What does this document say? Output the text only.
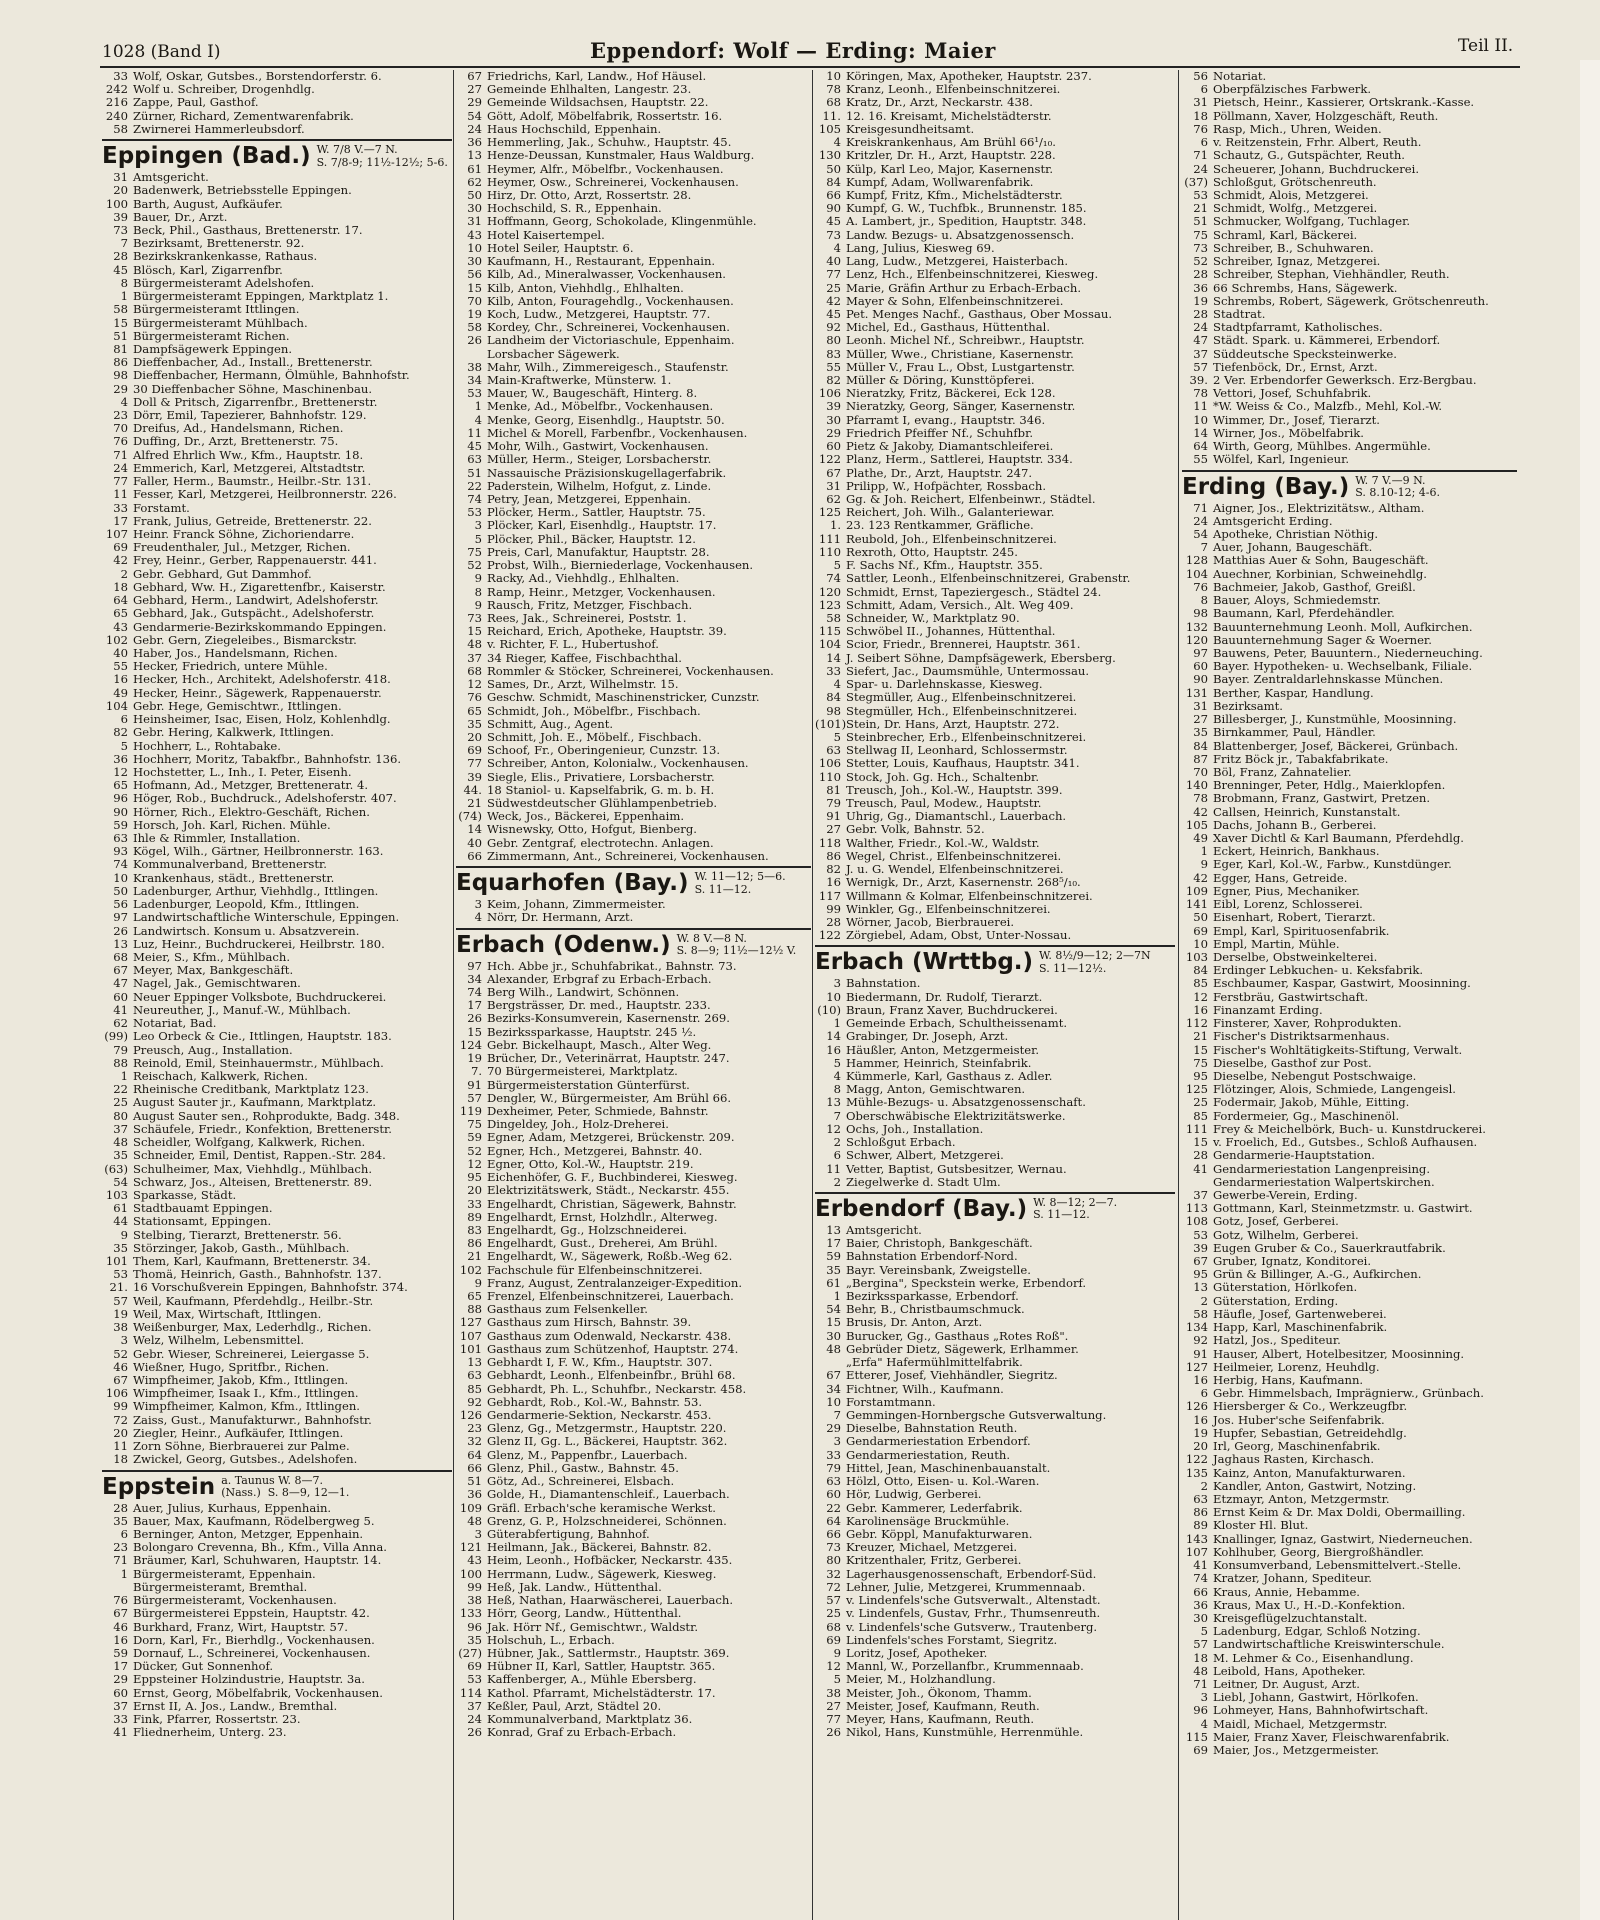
1028 (Band I)	Eppendorf: Wolf — Erding: Maier	Teil II.
33 Wolf, Oskar, Gutsbes., Borstendorferstr. 6.
242 Wolf u. Schreiber, Drogenhdlg.
216 Zappe, Paul, Gasthof.
240 Zürner, Richard, Zementwarenfabrik.
58 Zwirnerei Hammerleubsdorf.
Eppingen (Bad.) W. 7/8 V.—7 N.
S. 7/8-9; 11½-12½; 5-6.
31 Amtsgericht.
20 Badenwerk, Betriebsstelle Eppingen.
100 Barth, August, Aufkäufer.
39 Bauer, Dr., Arzt.
73 Beck, Phil., Gasthaus, Brettenerstr. 17.
7 Bezirksamt, Brettenerstr. 92.
28 Bezirkskrankenkasse, Rathaus.
45 Blösch, Karl, Zigarrenfbr.
8 Bürgermeisteramt Adelshofen.
1 Bürgermeisteramt Eppingen, Marktplatz 1.
58 Bürgermeisteramt Ittlingen.
15 Bürgermeisteramt Mühlbach.
51 Bürgermeisteramt Richen.
81 Dampfsägewerk Eppingen.
86 Dieffenbacher, Ad., Install., Brettenerstr.
98 Dieffenbacher, Hermann, Ölmühle, Bahnhofstr.
29 30 Dieffenbacher Söhne, Maschinenbau.
4 Doll & Pritsch, Zigarrenfbr., Brettenerstr.
23 Dörr, Emil, Tapezierer, Bahnhofstr. 129.
70 Dreifus, Ad., Handelsmann, Richen.
76 Duffing, Dr., Arzt, Brettenerstr. 75.
71 Alfred Ehrlich Ww., Kfm., Hauptstr. 18.
24 Emmerich, Karl, Metzgerei, Altstadtstr.
77 Faller, Herm., Baumstr., Heilbr.-Str. 131.
11 Fesser, Karl, Metzgerei, Heilbronnerstr. 226.
33 Forstamt.
17 Frank, Julius, Getreide, Brettenerstr. 22.
107 Heinr. Franck Söhne, Zichoriendarre.
69 Freudenthaler, Jul., Metzger, Richen.
42 Frey, Heinr., Gerber, Rappenauerstr. 441.
2 Gebr. Gebhard, Gut Dammhof.
18 Gebhard, Ww. H., Zigarettenfbr., Kaiserstr.
64 Gebhard, Herm., Landwirt, Adelshoferstr.
65 Gebhard, Jak., Gutspächt., Adelshoferstr.
43 Gendarmerie-Bezirkskommando Eppingen.
102 Gebr. Gern, Ziegeleibes., Bismarckstr.
40 Haber, Jos., Handelsmann, Richen.
55 Hecker, Friedrich, untere Mühle.
16 Hecker, Hch., Architekt, Adelshoferstr. 418.
49 Hecker, Heinr., Sägewerk, Rappenauerstr.
104 Gebr. Hege, Gemischtwr., Ittlingen.
6 Heinsheimer, Isac, Eisen, Holz, Kohlenhdlg.
82 Gebr. Hering, Kalkwerk, Ittlingen.
5 Hochherr, L., Rohtabake.
36 Hochherr, Moritz, Tabakfbr., Bahnhofstr. 136.
12 Hochstetter, L., Inh., I. Peter, Eisenh.
65 Hofmann, Ad., Metzger, Bretteneratr. 4.
96 Höger, Rob., Buchdruck., Adelshoferstr. 407.
90 Hörner, Rich., Elektro-Geschäft, Richen.
59 Horsch, Joh. Karl, Richen. Mühle.
63 Ihle & Rimmler, Installation.
93 Kögel, Wilh., Gärtner, Heilbronnerstr. 163.
74 Kommunalverband, Brettenerstr.
10 Krankenhaus, städt., Brettenerstr.
50 Ladenburger, Arthur, Viehhdlg., Ittlingen.
56 Ladenburger, Leopold, Kfm., Ittlingen.
97 Landwirtschaftliche Winterschule, Eppingen.
26 Landwirtsch. Konsum u. Absatzverein.
13 Luz, Heinr., Buchdruckerei, Heilbrstr. 180.
68 Meier, S., Kfm., Mühlbach.
67 Meyer, Max, Bankgeschäft.
47 Nagel, Jak., Gemischtwaren.
60 Neuer Eppinger Volksbote, Buchdruckerei.
41 Neureuther, J., Manuf.-W., Mühlbach.
62 Notariat, Bad.
(99) Leo Orbeck & Cie., Ittlingen, Hauptstr. 183.
79 Preusch, Aug., Installation.
88 Reinold, Emil, Steinhauermstr., Mühlbach.
1 Reischach, Kalkwerk, Richen.
22 Rheinische Creditbank, Marktplatz 123.
25 August Sauter jr., Kaufmann, Marktplatz.
80 August Sauter sen., Rohprodukte, Badg. 348.
37 Schäufele, Friedr., Konfektion, Brettenerstr.
48 Scheidler, Wolfgang, Kalkwerk, Richen.
35 Schneider, Emil, Dentist, Rappen.-Str. 284.
(63) Schulheimer, Max, Viehhdlg., Mühlbach.
54 Schwarz, Jos., Alteisen, Brettenerstr. 89.
103 Sparkasse, Städt.
61 Stadtbauamt Eppingen.
44 Stationsamt, Eppingen.
9 Stelbing, Tierarzt, Brettenerstr. 56.
35 Störzinger, Jakob, Gasth., Mühlbach.
101 Them, Karl, Kaufmann, Brettenerstr. 34.
53 Thomä, Heinrich, Gasth., Bahnhofstr. 137.
21. 16 Vorschußverein Eppingen, Bahnhofstr. 374.
57 Weil, Kaufmann, Pferdehdlg., Heilbr.-Str.
19 Weil, Max, Wirtschaft, Ittlingen.
38 Weißenburger, Max, Lederhdlg., Richen.
3 Welz, Wilhelm, Lebensmittel.
52 Gebr. Wieser, Schreinerei, Leiergasse 5.
46 Wießner, Hugo, Spritfbr., Richen.
67 Wimpfheimer, Jakob, Kfm., Ittlingen.
106 Wimpfheimer, Isaak I., Kfm., Ittlingen.
99 Wimpfheimer, Kalmon, Kfm., Ittlingen.
72 Zaiss, Gust., Manufakturwr., Bahnhofstr.
20 Ziegler, Heinr., Aufkäufer, Ittlingen.
11 Zorn Söhne, Bierbrauerei zur Palme.
18 Zwickel, Georg, Gutsbes., Adelshofen.
Eppstein a. Taunus W. 8—7.
(Nass.)  S. 8—9, 12—1.
28 Auer, Julius, Kurhaus, Eppenhain.
35 Bauer, Max, Kaufmann, Rödelbergweg 5.
6 Berninger, Anton, Metzger, Eppenhain.
23 Bolongaro Crevenna, Bh., Kfm., Villa Anna.
71 Bräumer, Karl, Schuhwaren, Hauptstr. 14.
1 Bürgermeisteramt, Eppenhain.
Bürgermeisteramt, Bremthal.
76 Bürgermeisteramt, Vockenhausen.
67 Bürgermeisterei Eppstein, Hauptstr. 42.
46 Burkhard, Franz, Wirt, Hauptstr. 57.
16 Dorn, Karl, Fr., Bierhdlg., Vockenhausen.
59 Dornauf, L., Schreinerei, Vockenhausen.
17 Dücker, Gut Sonnenhof.
29 Eppsteiner Holzindustrie, Hauptstr. 3a.
60 Ernst, Georg, Möbelfabrik, Vockenhausen.
37 Ernst II, A. Jos., Landw., Bremthal.
33 Fink, Pfarrer, Rossertstr. 23.
41 Fliednerheim, Unterg. 23.
67 Friedrichs, Karl, Landw., Hof Häusel.
27 Gemeinde Ehlhalten, Langestr. 23.
29 Gemeinde Wildsachsen, Hauptstr. 22.
54 Gött, Adolf, Möbelfabrik, Rossertstr. 16.
24 Haus Hochschild, Eppenhain.
36 Hemmerling, Jak., Schuhw., Hauptstr. 45.
13 Henze-Deussan, Kunstmaler, Haus Waldburg.
61 Heymer, Alfr., Möbelfbr., Vockenhausen.
62 Heymer, Osw., Schreinerei, Vockenhausen.
50 Hirz, Dr. Otto, Arzt, Rossertstr. 28.
30 Hochschild, S. R., Eppenhain.
31 Hoffmann, Georg, Schokolade, Klingenmühle.
43 Hotel Kaisertempel.
10 Hotel Seiler, Hauptstr. 6.
30 Kaufmann, H., Restaurant, Eppenhain.
56 Kilb, Ad., Mineralwasser, Vockenhausen.
15 Kilb, Anton, Viehhdlg., Ehlhalten.
70 Kilb, Anton, Fouragehdlg., Vockenhausen.
19 Koch, Ludw., Metzgerei, Hauptstr. 77.
58 Kordey, Chr., Schreinerei, Vockenhausen.
26 Landheim der Victoriaschule, Eppenhaim.
Lorsbacher Sägewerk.
38 Mahr, Wilh., Zimmereigesch., Staufenstr.
34 Main-Kraftwerke, Münsterw. 1.
53 Mauer, W., Baugeschäft, Hinterg. 8.
1 Menke, Ad., Möbelfbr., Vockenhausen.
4 Menke, Georg, Eisenhdlg., Hauptstr. 50.
11 Michel & Morell, Farbenfbr., Vockenhausen.
45 Mohr, Wilh., Gastwirt, Vockenhausen.
63 Müller, Herm., Steiger, Lorsbacherstr.
51 Nassauische Präzisionskugellagerfabrik.
22 Paderstein, Wilhelm, Hofgut, z. Linde.
74 Petry, Jean, Metzgerei, Eppenhain.
53 Plöcker, Herm., Sattler, Hauptstr. 75.
3 Plöcker, Karl, Eisenhdlg., Hauptstr. 17.
5 Plöcker, Phil., Bäcker, Hauptstr. 12.
75 Preis, Carl, Manufaktur, Hauptstr. 28.
52 Probst, Wilh., Bierniederlage, Vockenhausen.
9 Racky, Ad., Viehhdlg., Ehlhalten.
8 Ramp, Heinr., Metzger, Vockenhausen.
9 Rausch, Fritz, Metzger, Fischbach.
73 Rees, Jak., Schreinerei, Poststr. 1.
15 Reichard, Erich, Apotheke, Hauptstr. 39.
48 v. Richter, F. L., Hubertushof.
37 34 Rieger, Kaffee, Fischbachthal.
68 Rommler & Stöcker, Schreinerei, Vockenhausen.
12 Sames, Dr., Arzt, Wilhelmstr. 15.
76 Geschw. Schmidt, Maschinenstricker, Cunzstr.
65 Schmidt, Joh., Möbelfbr., Fischbach.
35 Schmitt, Aug., Agent.
20 Schmitt, Joh. E., Möbelf., Fischbach.
69 Schoof, Fr., Oberingenieur, Cunzstr. 13.
77 Schreiber, Anton, Kolonialw., Vockenhausen.
39 Siegle, Elis., Privatiere, Lorsbacherstr.
44. 18 Staniol- u. Kapselfabrik, G. m. b. H.
21 Südwestdeutscher Glühlampenbetrieb.
(74) Weck, Jos., Bäckerei, Eppenhaim.
14 Wisnewsky, Otto, Hofgut, Bienberg.
40 Gebr. Zentgraf, electrotechn. Anlagen.
66 Zimmermann, Ant., Schreinerei, Vockenhausen.
Equarhofen (Bay.) W. 11—12; 5—6.
S. 11—12.
3 Keim, Johann, Zimmermeister.
4 Nörr, Dr. Hermann, Arzt.
Erbach (Odenw.) W. 8 V.—8 N.
S. 8—9; 11½—12½ V.
97 Hch. Abbe jr., Schuhfabrikat., Bahnstr. 73.
34 Alexander, Erbgraf zu Erbach-Erbach.
74 Berg Wilh., Landwirt, Schönnen.
17 Bergsträsser, Dr. med., Hauptstr. 233.
26 Bezirks-Konsumverein, Kasernenstr. 269.
15 Bezirkssparkasse, Hauptstr. 245 ½.
124 Gebr. Bickelhaupt, Masch., Alter Weg.
19 Brücher, Dr., Veterinärrat, Hauptstr. 247.
7. 70 Bürgermeisterei, Marktplatz.
91 Bürgermeisterstation Günterfürst.
57 Dengler, W., Bürgermeister, Am Brühl 66.
119 Dexheimer, Peter, Schmiede, Bahnstr.
75 Dingeldey, Joh., Holz-Dreherei.
59 Egner, Adam, Metzgerei, Brückenstr. 209.
52 Egner, Hch., Metzgerei, Bahnstr. 40.
12 Egner, Otto, Kol.-W., Hauptstr. 219.
95 Eichenhöfer, G. F., Buchbinderei, Kiesweg.
20 Elektrizitätswerk, Städt., Neckarstr. 455.
33 Engelhardt, Christian, Sägewerk, Bahnstr.
89 Engelhardt, Ernst, Holzhdlr., Alterweg.
83 Engelhardt, Gg., Holzschneiderei.
86 Engelhardt, Gust., Dreherei, Am Brühl.
21 Engelhardt, W., Sägewerk, Roßb.-Weg 62.
102 Fachschule für Elfenbeinschnitzerei.
9 Franz, August, Zentralanzeiger-Expedition.
65 Frenzel, Elfenbeinschnitzerei, Lauerbach.
88 Gasthaus zum Felsenkeller.
127 Gasthaus zum Hirsch, Bahnstr. 39.
107 Gasthaus zum Odenwald, Neckarstr. 438.
101 Gasthaus zum Schützenhof, Hauptstr. 274.
13 Gebhardt I, F. W., Kfm., Hauptstr. 307.
63 Gebhardt, Leonh., Elfenbeinfbr., Brühl 68.
85 Gebhardt, Ph. L., Schuhfbr., Neckarstr. 458.
92 Gebhardt, Rob., Kol.-W., Bahnstr. 53.
126 Gendarmerie-Sektion, Neckarstr. 453.
23 Glenz, Gg., Metzgermstr., Hauptstr. 220.
32 Glenz II, Gg. L., Bäckerei, Hauptstr. 362.
64 Glenz, M., Pappenfbr., Lauerbach.
66 Glenz, Phil., Gastw., Bahnstr. 45.
51 Götz, Ad., Schreinerei, Elsbach.
36 Golde, H., Diamantenschleif., Lauerbach.
109 Gräfl. Erbach'sche keramische Werkst.
48 Grenz, G. P., Holzschneiderei, Schönnen.
3 Güterabfertigung, Bahnhof.
121 Heilmann, Jak., Bäckerei, Bahnstr. 82.
43 Heim, Leonh., Hofbäcker, Neckarstr. 435.
100 Herrmann, Ludw., Sägewerk, Kiesweg.
99 Heß, Jak. Landw., Hüttenthal.
38 Heß, Nathan, Haarwäscherei, Lauerbach.
133 Hörr, Georg, Landw., Hüttenthal.
96 Jak. Hörr Nf., Gemischtwr., Waldstr.
35 Holschuh, L., Erbach.
(27) Hübner, Jak., Sattlermstr., Hauptstr. 369.
69 Hübner II, Karl, Sattler, Hauptstr. 365.
53 Kaffenberger, A., Mühle Ebersberg.
114 Kathol. Pfarramt, Michelstädterstr. 17.
37 Keßler, Paul, Arzt, Städtel 20.
24 Kommunalverband, Marktplatz 36.
26 Konrad, Graf zu Erbach-Erbach.
10 Köringen, Max, Apotheker, Hauptstr. 237.
78 Kranz, Leonh., Elfenbeinschnitzerei.
68 Kratz, Dr., Arzt, Neckarstr. 438.
11. 12. 16. Kreisamt, Michelstädterstr.
105 Kreisgesundheitsamt.
4 Kreiskrankenhaus, Am Brühl 66¹/₁₀.
130 Kritzler, Dr. H., Arzt, Hauptstr. 228.
50 Külp, Karl Leo, Major, Kasernenstr.
84 Kumpf, Adam, Wollwarenfabrik.
66 Kumpf, Fritz, Kfm., Michelstädterstr.
90 Kumpf, G. W., Tuchfbk., Brunnenstr. 185.
45 A. Lambert, jr., Spedition, Hauptstr. 348.
73 Landw. Bezugs- u. Absatzgenossensch.
4 Lang, Julius, Kiesweg 69.
40 Lang, Ludw., Metzgerei, Haisterbach.
77 Lenz, Hch., Elfenbeinschnitzerei, Kiesweg.
25 Marie, Gräfin Arthur zu Erbach-Erbach.
42 Mayer & Sohn, Elfenbeinschnitzerei.
45 Pet. Menges Nachf., Gasthaus, Ober Mossau.
92 Michel, Ed., Gasthaus, Hüttenthal.
80 Leonh. Michel Nf., Schreibwr., Hauptstr.
83 Müller, Wwe., Christiane, Kasernenstr.
55 Müller V., Frau L., Obst, Lustgartenstr.
82 Müller & Döring, Kunsttöpferei.
106 Nieratzky, Fritz, Bäckerei, Eck 128.
39 Nieratzky, Georg, Sänger, Kasernenstr.
30 Pfarramt I, evang., Hauptstr. 346.
29 Friedrich Pfeiffer Nf., Schuhfbr.
60 Pietz & Jakoby, Diamantschleiferei.
122 Planz, Herm., Sattlerei, Hauptstr. 334.
67 Plathe, Dr., Arzt, Hauptstr. 247.
31 Prilipp, W., Hofpächter, Rossbach.
62 Gg. & Joh. Reichert, Elfenbeinwr., Städtel.
125 Reichert, Joh. Wilh., Galanteriewar.
1. 23. 123 Rentkammer, Gräfliche.
111 Reubold, Joh., Elfenbeinschnitzerei.
110 Rexroth, Otto, Hauptstr. 245.
5 F. Sachs Nf., Kfm., Hauptstr. 355.
74 Sattler, Leonh., Elfenbeinschnitzerei, Grabenstr.
120 Schmidt, Ernst, Tapeziergesch., Städtel 24.
123 Schmitt, Adam, Versich., Alt. Weg 409.
58 Schneider, W., Marktplatz 90.
115 Schwöbel II., Johannes, Hüttenthal.
104 Scior, Friedr., Brennerei, Hauptstr. 361.
14 J. Seibert Söhne, Dampfsägewerk, Ebersberg.
33 Siefert, Jac., Daumsmühle, Untermossau.
4 Spar- u. Darlehnskasse, Kiesweg.
84 Stegmüller, Aug., Elfenbeinschnitzerei.
98 Stegmüller, Hch., Elfenbeinschnitzerei.
(101)Stein, Dr. Hans, Arzt, Hauptstr. 272.
5 Steinbrecher, Erb., Elfenbeinschnitzerei.
63 Stellwag II, Leonhard, Schlossermstr.
106 Stetter, Louis, Kaufhaus, Hauptstr. 341.
110 Stock, Joh. Gg. Hch., Schaltenbr.
81 Treusch, Joh., Kol.-W., Hauptstr. 399.
79 Treusch, Paul, Modew., Hauptstr.
91 Uhrig, Gg., Diamantschl., Lauerbach.
27 Gebr. Volk, Bahnstr. 52.
118 Walther, Friedr., Kol.-W., Waldstr.
86 Wegel, Christ., Elfenbeinschnitzerei.
82 J. u. G. Wendel, Elfenbeinschnitzerei.
16 Wernigk, Dr., Arzt, Kasernenstr. 268⁵/₁₀.
117 Willmann & Kolmar, Elfenbeinschnitzerei.
99 Winkler, Gg., Elfenbeinschnitzerei.
28 Wörner, Jacob, Bierbrauerei.
122 Zörgiebel, Adam, Obst, Unter-Nossau.
Erbach (Wrttbg.) W. 8½/9—12; 2—7N
S. 11—12½.
3 Bahnstation.
10 Biedermann, Dr. Rudolf, Tierarzt.
(10) Braun, Franz Xaver, Buchdruckerei.
1 Gemeinde Erbach, Schultheissenamt.
14 Grabinger, Dr. Joseph, Arzt.
16 Häußler, Anton, Metzgermeister.
5 Hammer, Heinrich, Steinfabrik.
4 Kümmerle, Karl, Gasthaus z. Adler.
8 Magg, Anton, Gemischtwaren.
13 Mühle-Bezugs- u. Absatzgenossenschaft.
7 Oberschwäbische Elektrizitätswerke.
12 Ochs, Joh., Installation.
2 Schloßgut Erbach.
6 Schwer, Albert, Metzgerei.
11 Vetter, Baptist, Gutsbesitzer, Wernau.
2 Ziegelwerke d. Stadt Ulm.
Erbendorf (Bay.) W. 8—12; 2—7.
S. 11—12.
13 Amtsgericht.
17 Baier, Christoph, Bankgeschäft.
59 Bahnstation Erbendorf-Nord.
35 Bayr. Vereinsbank, Zweigstelle.
61 „Bergina", Speckstein werke, Erbendorf.
1 Bezirkssparkasse, Erbendorf.
54 Behr, B., Christbaumschmuck.
15 Brusis, Dr. Anton, Arzt.
30 Burucker, Gg., Gasthaus „Rotes Roß".
48 Gebrüder Dietz, Sägewerk, Erlhammer.
„Erfa" Hafermühlmittelfabrik.
67 Etterer, Josef, Viehhändler, Siegritz.
34 Fichtner, Wilh., Kaufmann.
10 Forstamtmann.
7 Gemmingen-Hornbergsche Gutsverwaltung.
29 Dieselbe, Bahnstation Reuth.
3 Gendarmeriestation Erbendorf.
33 Gendarmeriestation, Reuth.
79 Hittel, Jean, Maschinenbauanstalt.
63 Hölzl, Otto, Eisen- u. Kol.-Waren.
60 Hör, Ludwig, Gerberei.
22 Gebr. Kammerer, Lederfabrik.
64 Karolinensäge Bruckmühle.
66 Gebr. Köppl, Manufakturwaren.
73 Kreuzer, Michael, Metzgerei.
80 Kritzenthaler, Fritz, Gerberei.
32 Lagerhausgenossenschaft, Erbendorf-Süd.
72 Lehner, Julie, Metzgerei, Krummennaab.
57 v. Lindenfels'sche Gutsverwalt., Altenstadt.
25 v. Lindenfels, Gustav, Frhr., Thumsenreuth.
68 v. Lindenfels'sche Gutsverw., Trautenberg.
69 Lindenfels'sches Forstamt, Siegritz.
9 Loritz, Josef, Apotheker.
12 Mannl, W., Porzellanfbr., Krummennaab.
5 Meier, M., Holzhandlung.
38 Meister, Joh., Ökonom, Thamm.
27 Meister, Josef, Kaufmann, Reuth.
77 Meyer, Hans, Kaufmann, Reuth.
26 Nikol, Hans, Kunstmühle, Herrenmühle.
56 Notariat.
6 Oberpfälzisches Farbwerk.
31 Pietsch, Heinr., Kassierer, Ortskrank.-Kasse.
18 Pöllmann, Xaver, Holzgeschäft, Reuth.
76 Rasp, Mich., Uhren, Weiden.
6 v. Reitzenstein, Frhr. Albert, Reuth.
71 Schautz, G., Gutspächter, Reuth.
24 Scheuerer, Johann, Buchdruckerei.
(37) Schloßgut, Grötschenreuth.
53 Schmidt, Alois, Metzgerei.
21 Schmidt, Wolfg., Metzgerei.
51 Schmucker, Wolfgang, Tuchlager.
75 Schraml, Karl, Bäckerei.
73 Schreiber, B., Schuhwaren.
52 Schreiber, Ignaz, Metzgerei.
28 Schreiber, Stephan, Viehhändler, Reuth.
36 66 Schrembs, Hans, Sägewerk.
19 Schrembs, Robert, Sägewerk, Grötschenreuth.
28 Stadtrat.
24 Stadtpfarramt, Katholisches.
47 Städt. Spark. u. Kämmerei, Erbendorf.
37 Süddeutsche Specksteinwerke.
57 Tiefenböck, Dr., Ernst, Arzt.
39. 2 Ver. Erbendorfer Gewerksch. Erz-Bergbau.
78 Vettori, Josef, Schuhfabrik.
11 *W. Weiss & Co., Malzfb., Mehl, Kol.-W.
10 Wimmer, Dr., Josef, Tierarzt.
14 Wirner, Jos., Möbelfabrik.
64 Wirth, Georg, Mühlbes. Angermühle.
55 Wölfel, Karl, Ingenieur.
Erding (Bay.) W. 7 V.—9 N.
S. 8.10-12; 4-6.
71 Aigner, Jos., Elektrizitätsw., Altham.
24 Amtsgericht Erding.
54 Apotheke, Christian Nöthig.
7 Auer, Johann, Baugeschäft.
128 Matthias Auer & Sohn, Baugeschäft.
104 Auechner, Korbinian, Schweinehdlg.
76 Bachmeier, Jakob, Gasthof, Greißl.
8 Bauer, Aloys, Schmiedemstr.
98 Baumann, Karl, Pferdehändler.
132 Bauunternehmung Leonh. Moll, Aufkirchen.
120 Bauunternehmung Sager & Woerner.
97 Bauwens, Peter, Bauuntern., Niederneuching.
60 Bayer. Hypotheken- u. Wechselbank, Filiale.
90 Bayer. Zentraldarlehnskasse München.
131 Berther, Kaspar, Handlung.
31 Bezirksamt.
27 Billesberger, J., Kunstmühle, Moosinning.
35 Birnkammer, Paul, Händler.
84 Blattenberger, Josef, Bäckerei, Grünbach.
87 Fritz Böck jr., Tabakfabrikate.
70 Böl, Franz, Zahnatelier.
140 Brenninger, Peter, Hdlg., Maierklopfen.
78 Brobmann, Franz, Gastwirt, Pretzen.
42 Callsen, Heinrich, Kunstanstalt.
105 Dachs, Johann B., Gerberei.
49 Xaver Dichtl & Karl Baumann, Pferdehdlg.
1 Eckert, Heinrich, Bankhaus.
9 Eger, Karl, Kol.-W., Farbw., Kunstdünger.
42 Egger, Hans, Getreide.
109 Egner, Pius, Mechaniker.
141 Eibl, Lorenz, Schlosserei.
50 Eisenhart, Robert, Tierarzt.
69 Empl, Karl, Spirituosenfabrik.
10 Empl, Martin, Mühle.
103 Derselbe, Obstweinkelterei.
84 Erdinger Lebkuchen- u. Keksfabrik.
85 Eschbaumer, Kaspar, Gastwirt, Moosinning.
12 Ferstbräu, Gastwirtschaft.
16 Finanzamt Erding.
112 Finsterer, Xaver, Rohprodukten.
21 Fischer's Distriktsarmenhaus.
15 Fischer's Wohltätigkeits-Stiftung, Verwalt.
75 Dieselbe, Gasthof zur Post.
95 Dieselbe, Nebengut Postschwaige.
125 Flötzinger, Alois, Schmiede, Langengeisl.
25 Fodermair, Jakob, Mühle, Eitting.
85 Fordermeier, Gg., Maschinenöl.
111 Frey & Meichelbörk, Buch- u. Kunstdruckerei.
15 v. Froelich, Ed., Gutsbes., Schloß Aufhausen.
28 Gendarmerie-Hauptstation.
41 Gendarmeriestation Langenpreising.
Gendarmeriestation Walpertskirchen.
37 Gewerbe-Verein, Erding.
113 Gottmann, Karl, Steinmetzmstr. u. Gastwirt.
108 Gotz, Josef, Gerberei.
53 Gotz, Wilhelm, Gerberei.
39 Eugen Gruber & Co., Sauerkrautfabrik.
67 Gruber, Ignatz, Konditorei.
95 Grün & Billinger, A.-G., Aufkirchen.
13 Güterstation, Hörlkofen.
2 Güterstation, Erding.
58 Häufle, Josef, Gartenweberei.
134 Happ, Karl, Maschinenfabrik.
92 Hatzl, Jos., Spediteur.
91 Hauser, Albert, Hotelbesitzer, Moosinning.
127 Heilmeier, Lorenz, Heuhdlg.
16 Herbig, Hans, Kaufmann.
6 Gebr. Himmelsbach, Imprägnierw., Grünbach.
126 Hiersberger & Co., Werkzeugfbr.
16 Jos. Huber'sche Seifenfabrik.
19 Hupfer, Sebastian, Getreidehdlg.
20 Irl, Georg, Maschinenfabrik.
122 Jaghaus Rasten, Kirchasch.
135 Kainz, Anton, Manufakturwaren.
2 Kandler, Anton, Gastwirt, Notzing.
63 Etzmayr, Anton, Metzgermstr.
86 Ernst Keim & Dr. Max Doldi, Obermailling.
89 Kloster Hl. Blut.
143 Knallinger, Ignaz, Gastwirt, Niederneuchen.
107 Kohlhuber, Georg, Biergroßhändler.
41 Konsumverband, Lebensmittelvert.-Stelle.
74 Kratzer, Johann, Spediteur.
66 Kraus, Annie, Hebamme.
36 Kraus, Max U., H.-D.-Konfektion.
30 Kreisgeflügelzuchtanstalt.
5 Ladenburg, Edgar, Schloß Notzing.
57 Landwirtschaftliche Kreiswinterschule.
18 M. Lehmer & Co., Eisenhandlung.
48 Leibold, Hans, Apotheker.
71 Leitner, Dr. August, Arzt.
3 Liebl, Johann, Gastwirt, Hörlkofen.
96 Lohmeyer, Hans, Bahnhofwirtschaft.
4 Maidl, Michael, Metzgermstr.
115 Maier, Franz Xaver, Fleischwarenfabrik.
69 Maier, Jos., Metzgermeister.
